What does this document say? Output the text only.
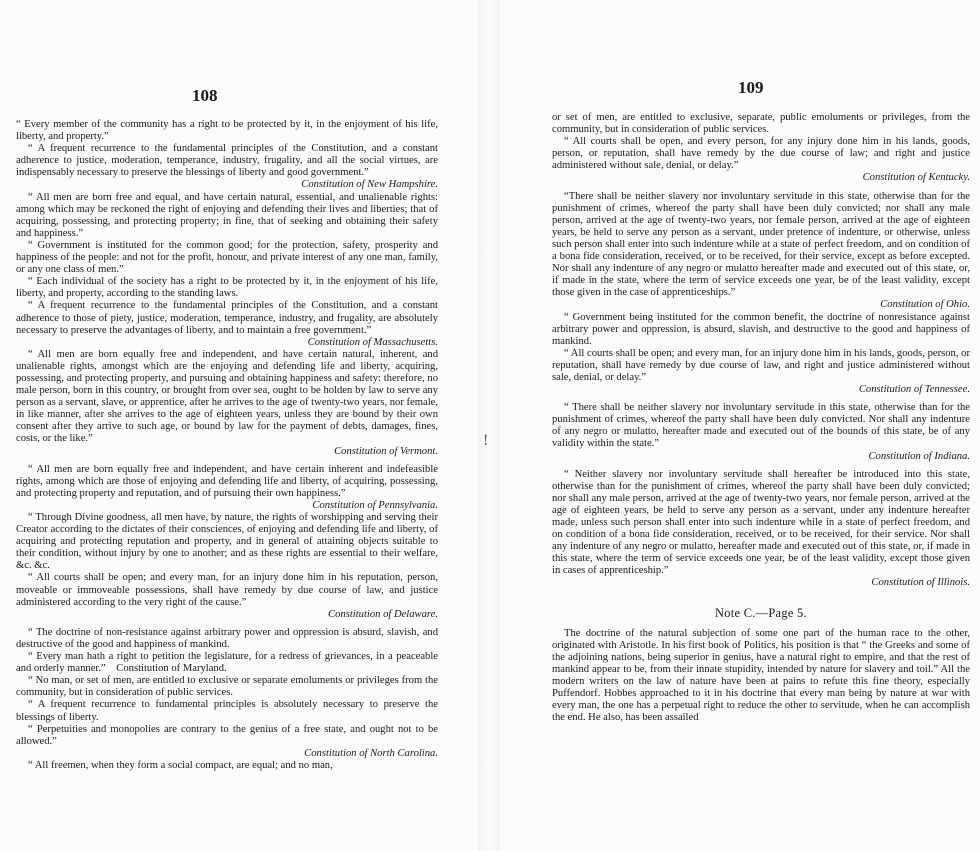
108

“ Every member of the community has a right to be protected by it, in the enjoyment of his life, liberty, and property.”

“ A frequent recurrence to the fundamental principles of the Constitution, and a constant adherence to justice, moderation, temperance, industry, frugality, and all the social virtues, are indispensably necessary to preserve the blessings of liberty and good government.”

Constitution of New Hampshire.

“ All men are born free and equal, and have certain natural, essential, and unalienable rights: among which may be reckoned the right of enjoying and defending their lives and liberties; that of acquiring, possessing, and protecting property; in fine, that of seeking and obtaining their safety and happiness.”

“ Government is instituted for the common good; for the protection, safety, prosperity and happiness of the people: and not for the profit, honour, and private interest of any one man, family, or any one class of men.”

“ Each individual of the society has a right to be protected by it, in the enjoyment of his life, liberty, and property, according to the standing laws.

“ A frequent recurrence to the fundamental principles of the Constitution, and a constant adherence to those of piety, justice, moderation, temperance, industry, and frugality, are absolutely necessary to preserve the advantages of liberty, and to maintain a free government.”

Constitution of Massachusetts.

“ All men are born equally free and independent, and have certain natural, inherent, and unalienable rights, amongst which are the enjoying and defending life and liberty, acquiring, possessing, and protecting property, and pursuing and obtaining happiness and safety: therefore, no male person, born in this country, or brought from over sea, ought to be holden by law to serve any person as a servant, slave, or apprentice, after he arrives to the age of twenty-two years, nor female, in like manner, after she arrives to the age of eighteen years, unless they are bound by their own consent after they arrive to such age, or bound by law for the payment of debts, damages, fines, costs, or the like.”

Constitution of Vermont.

“ All men are born equally free and independent, and have certain inherent and indefeasible rights, among which are those of enjoying and defending life and liberty, of acquiring, possessing, and protecting property and reputation, and of pursuing their own happiness.”

Constitution of Pennsylvania.

“ Through Divine goodness, all men have, by nature, the rights of worshipping and serving their Creator according to the dictates of their consciences, of enjoying and defending life and liberty, of acquiring and protecting reputation and property, and in general of attaining objects suitable to their condition, without injury by one to another; and as these rights are essential to their welfare, &c. &c.

“ All courts shall be open; and every man, for an injury done him in his reputation, person, moveable or immoveable possessions, shall have remedy by due course of law, and justice administered according to the very right of the cause.”

Constitution of Delaware.

“ The doctrine of non-resistance against arbitrary power and oppression is absurd, slavish, and destructive of the good and happiness of mankind.

“ Every man hath a right to petition the legislature, for a redress of grievances, in a peaceable and orderly manner.”    Constitution of Maryland.

“ No man, or set of men, are entitled to exclusive or separate emoluments or privileges from the community, but in consideration of public services.

“ A frequent recurrence to fundamental principles is absolutely necessary to preserve the blessings of liberty.

“ Perpetuities and monopolies are contrary to the genius of a free state, and ought not to be allowed.”

Constitution of North Carolina.

“ All freemen, when they form a social compact, are equal; and no man,

!
109

or set of men, are entitled to exclusive, separate, public emoluments or privileges, from the community, but in consideration of public services.

“ All courts shall be open, and every person, for any injury done him in his lands, goods, person, or reputation, shall have remedy by the due course of law; and right and justice administered without sale, denial, or delay.”

Constitution of Kentucky.

“There shall be neither slavery nor involuntary servitude in this state, otherwise than for the punishment of crimes, whereof the party shall have been duly convicted; nor shall any male person, arrived at the age of twenty-two years, nor female person, arrived at the age of eighteen years, be held to serve any person as a servant, under pretence of indenture, or otherwise, unless such person shall enter into such indenture while at a state of perfect freedom, and on condition of a bona fide consideration, received, or to be received, for their service, except as before excepted. Nor shall any indenture of any negro or mulatto hereafter made and executed out of this state, or, if made in the state, where the term of service exceeds one year, be of the least validity, except those given in the case of apprenticeships.”

Constitution of Ohio.

“ Government being instituted for the common benefit, the doctrine of nonresistance against arbitrary power and oppression, is absurd, slavish, and destructive to the good and happiness of mankind.

“ All courts shall be open; and every man, for an injury done him in his lands, goods, person, or reputation, shall have remedy by due course of law, and right and justice administered without sale, denial, or delay.”

Constitution of Tennessee.

“ There shall be neither slavery nor involuntary servitude in this state, otherwise than for the punishment of crimes, whereof the party shall have been duly convicted. Nor shall any indenture of any negro or mulatto, hereafter made and executed out of the bounds of this state, be of any validity within the state.”

Constitution of Indiana.

“ Neither slavery nor involuntary servitude shall hereafter be introduced into this state, otherwise than for the punishment of crimes, whereof the party shall have been duly convicted; nor shall any male person, arrived at the age of twenty-two years, nor female person, arrived at the age of eighteen years, be held to serve any person as a servant, under any indenture hereafter made, unless such person shall enter into such indenture while in a state of perfect freedom, and on condition of a bona fide consideration, received, or to be received, for their service. Nor shall any indenture of any negro or mulatto, hereafter made and executed out of this state, or, if made in this state, where the term of service exceeds one year, be of the least validity, except those given in cases of apprenticeship.”

Constitution of Illinois.

Note C.—Page 5.

The doctrine of the natural subjection of some one part of the human race to the other, originated with Aristotle. In his first book of Politics, his position is that “ the Greeks and some of the adjoining nations, being superior in genius, have a natural right to empire, and that the rest of mankind appear to be, from their innate stupidity, intended by nature for slavery and toil.” All the modern writers on the law of nature have been at pains to refute this fine theory, especially Puffendorf. Hobbes approached to it in his doctrine that every man being by nature at war with every man, the one has a perpetual right to reduce the other to servitude, when he can accomplish the end. He also, has been assailed
